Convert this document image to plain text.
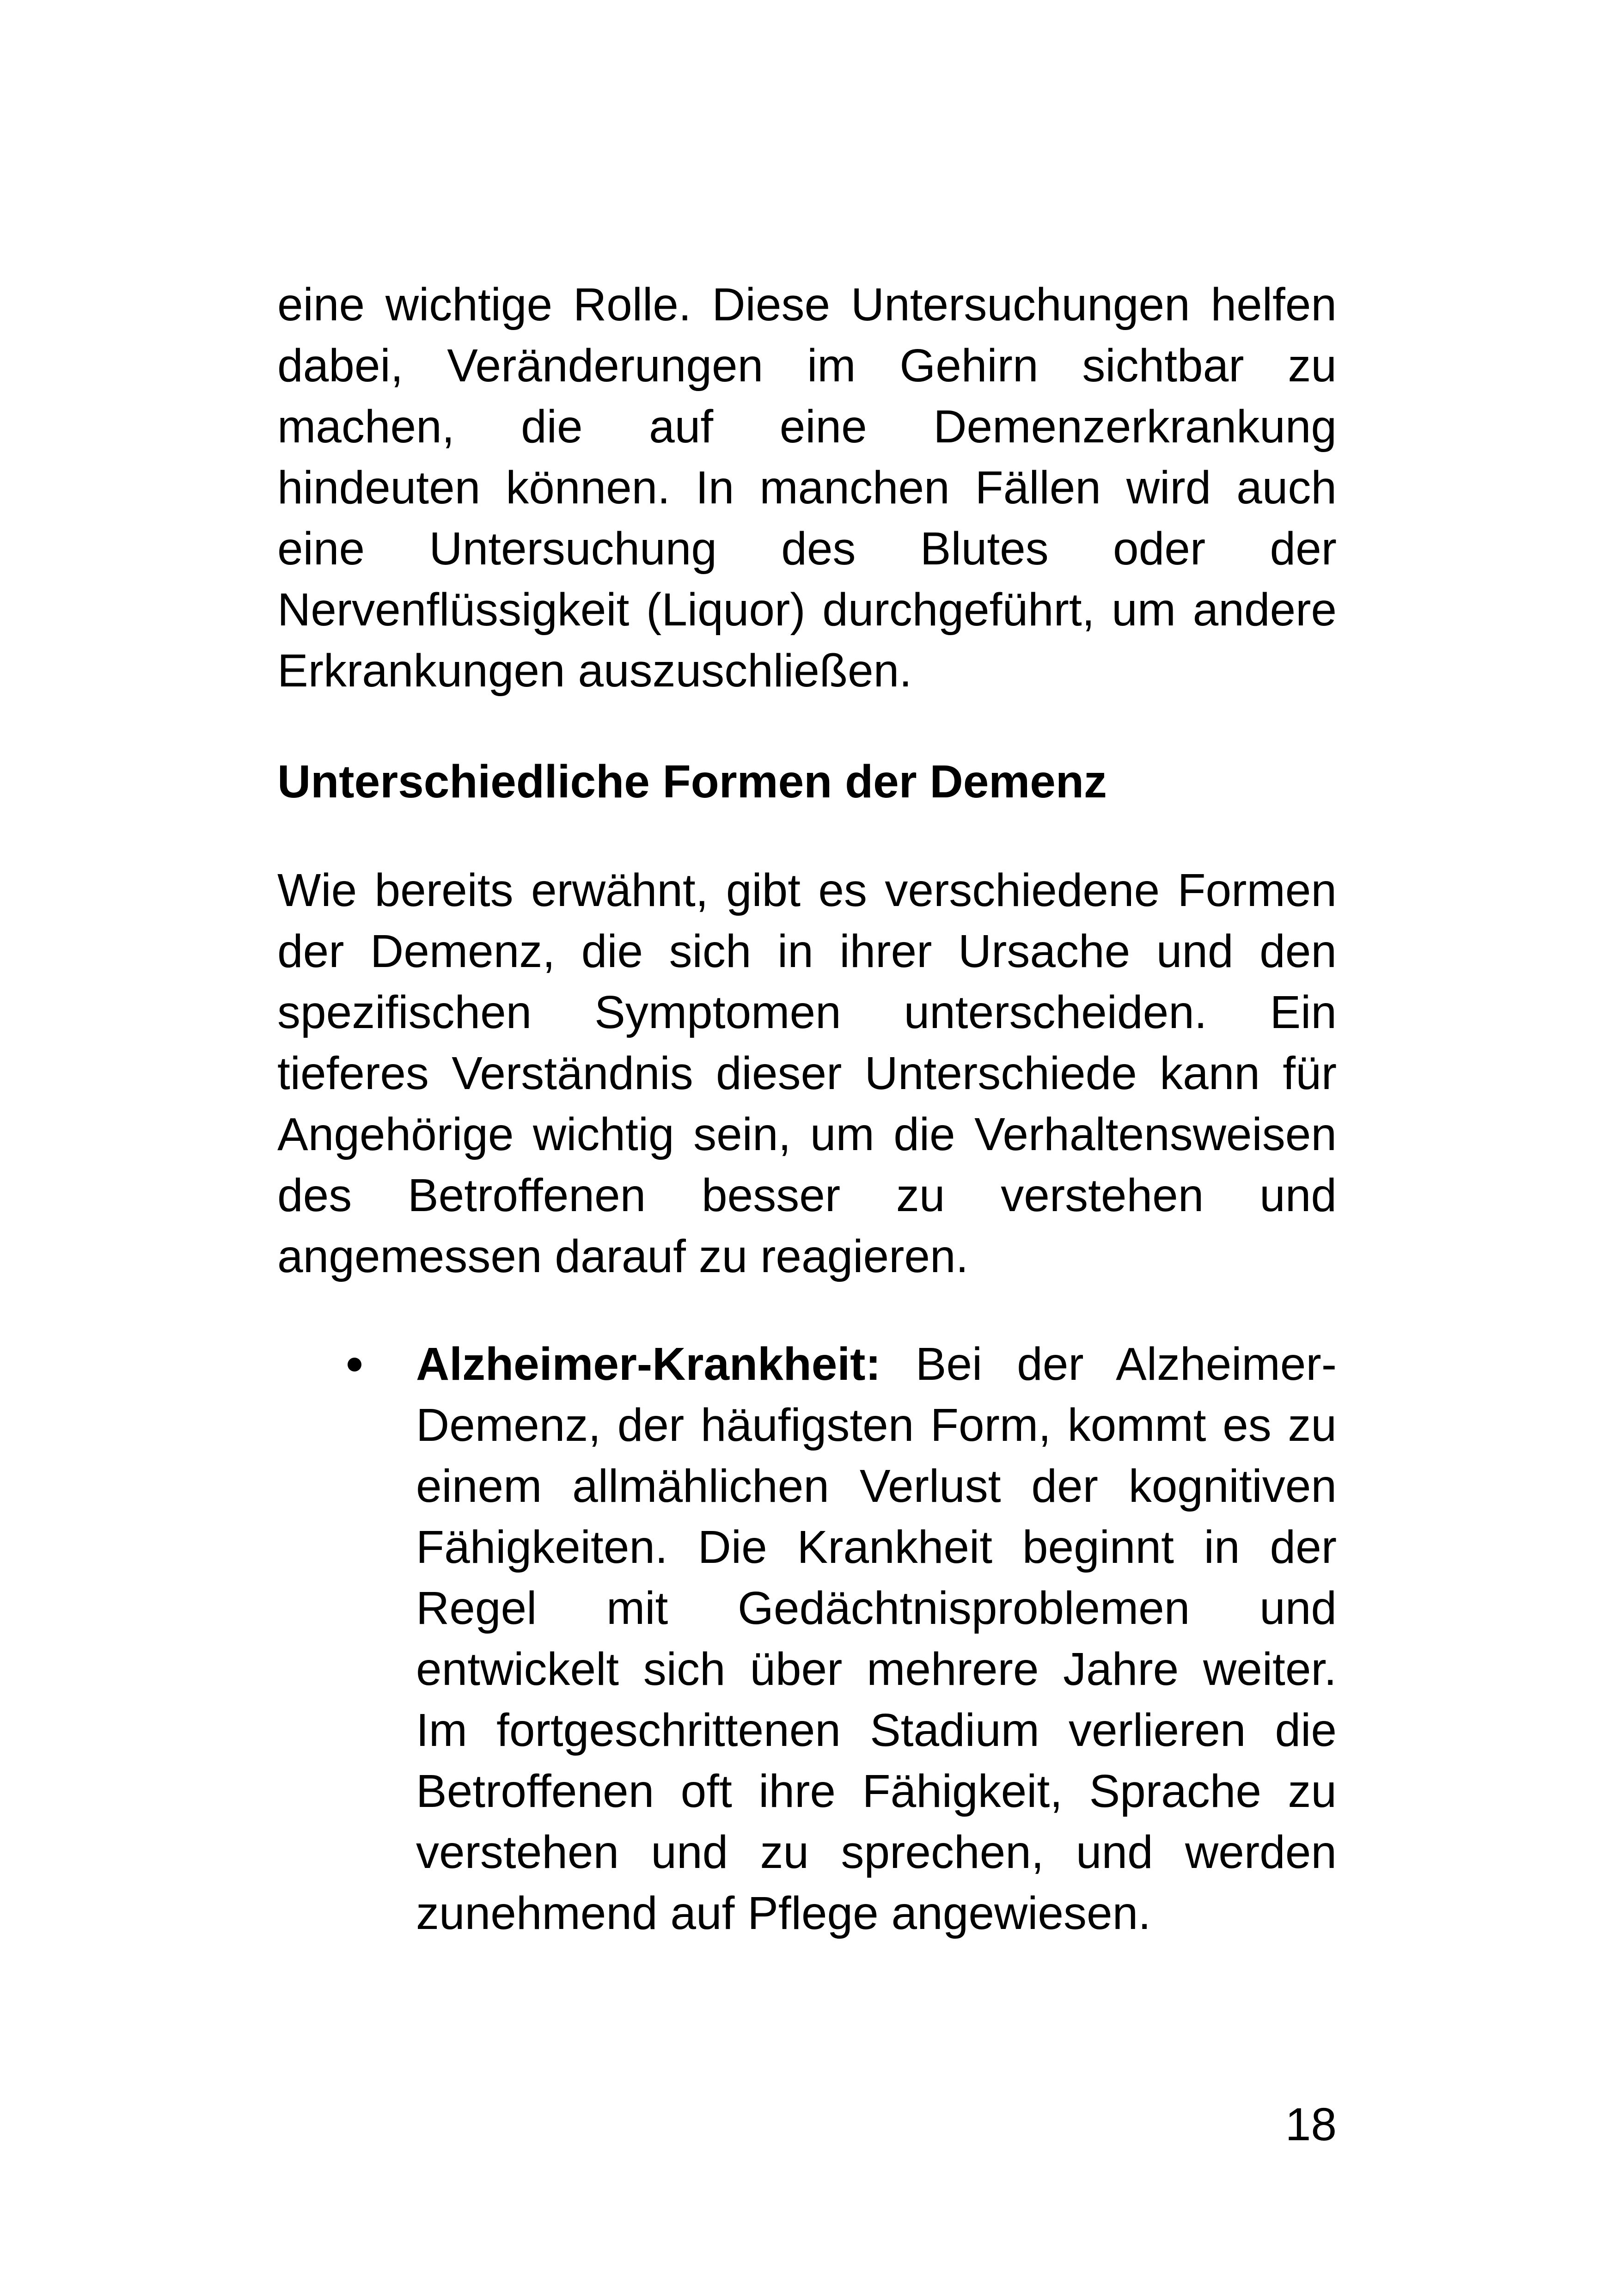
eine wichtige Rolle. Diese Untersuchungen helfen dabei, Veränderungen im Gehirn sichtbar zu machen, die auf eine Demenzerkrankung hindeuten können. In manchen Fällen wird auch eine Untersuchung des Blutes oder der Nervenflüssigkeit (Liquor) durchgeführt, um andere Erkrankungen auszuschließen.

Unterschiedliche Formen der Demenz

Wie bereits erwähnt, gibt es verschiedene Formen der Demenz, die sich in ihrer Ursache und den spezifischen Symptomen unterscheiden. Ein tieferes Verständnis dieser Unterschiede kann für Angehörige wichtig sein, um die Verhaltensweisen des Betroffenen besser zu verstehen und angemessen darauf zu reagieren.

Alzheimer-Krankheit: Bei der Alzheimer-Demenz, der häufigsten Form, kommt es zu einem allmählichen Verlust der kognitiven Fähigkeiten. Die Krankheit beginnt in der Regel mit Gedächtnisproblemen und entwickelt sich über mehrere Jahre weiter. Im fortgeschrittenen Stadium verlieren die Betroffenen oft ihre Fähigkeit, Sprache zu verstehen und zu sprechen, und werden zunehmend auf Pflege angewiesen.
18
